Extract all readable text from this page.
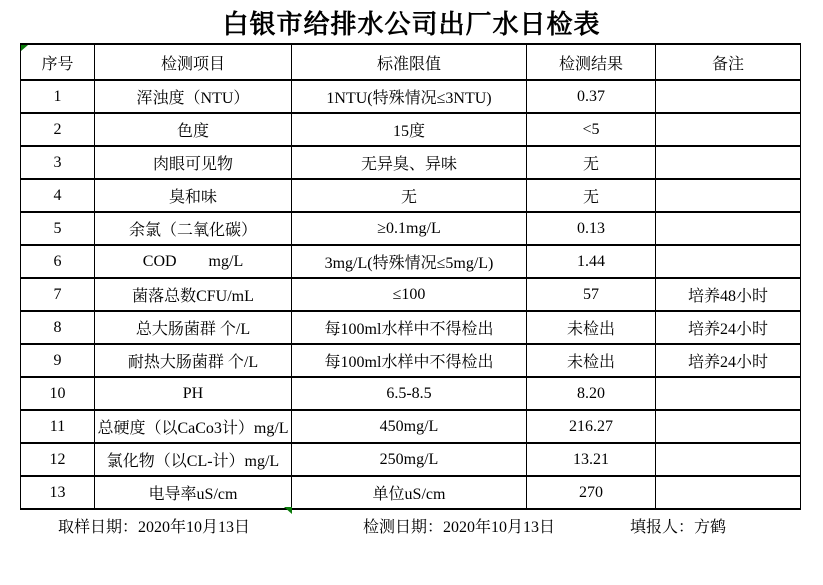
白银市给排水公司出厂水日检表
序号	检测项目	标准限值	检测结果	备注
1	浑浊度（NTU）	1NTU(特殊情况≤3NTU)	0.37	
2	色度	15度	<5	
3	肉眼可见物	无异臭、异味	无	
4	臭和味	无	无	
5	余氯（二氧化碳）	≥0.1mg/L	0.13	
6	COD        mg/L	3mg/L(特殊情况≤5mg/L)	1.44	
7	菌落总数CFU/mL	≤100	57	培养48小时
8	总大肠菌群 个/L	每100ml水样中不得检出	未检出	培养24小时
9	耐热大肠菌群 个/L	每100ml水样中不得检出	未检出	培养24小时
10	PH	6.5-8.5	8.20	
11	总硬度（以CaCo3计）mg/L	450mg/L	216.27	
12	氯化物（以CL-计）mg/L	250mg/L	13.21	
13	电导率uS/cm	单位uS/cm	270	
取样日期：2020年10月13日	检测日期：2020年10月13日	填报人：方鹤
